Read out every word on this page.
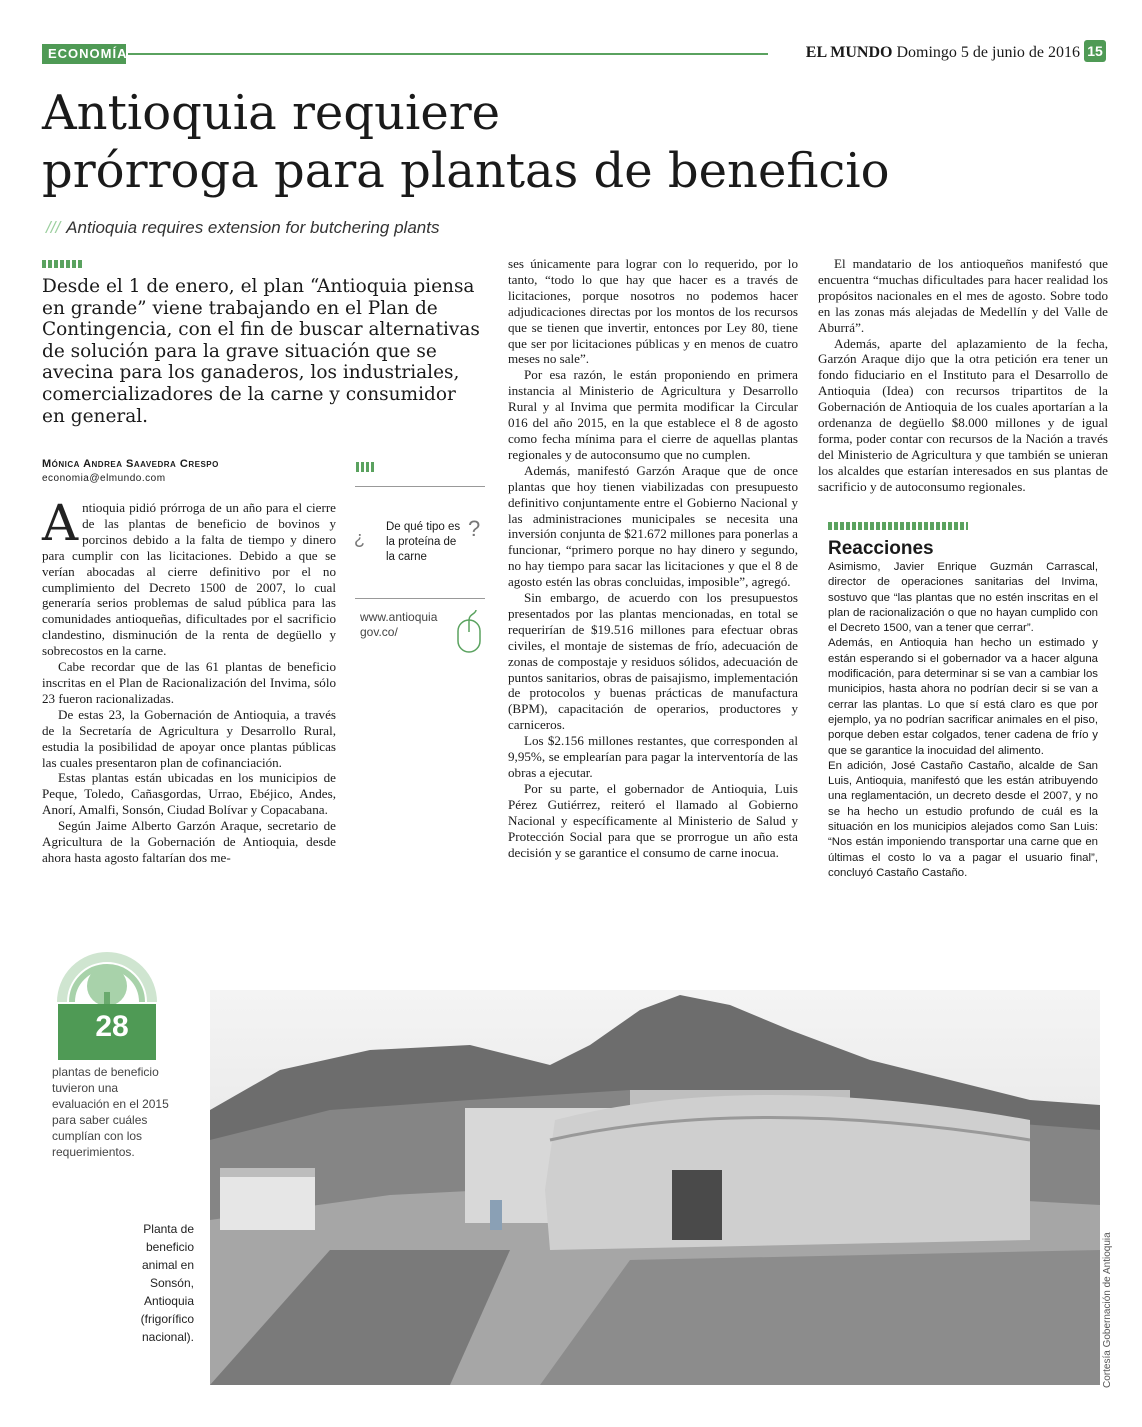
ECONOMÍA	EL MUNDO Domingo 5 de junio de 2016 15
Antioquia requiere
prórroga para plantas de beneficio
/// Antioquia requires extension for butchering plants

Desde el 1 de enero, el plan “Antioquia piensa en grande” viene trabajando en el Plan de Contingencia, con el fin de buscar alternativas de solución para la grave situación que se avecina para los ganaderos, los industriales, comercializadores de la carne y consumidor en general.

Mónica Andrea Saavedra Crespo
economia@elmundo.com

Antioquia pidió prórroga de un año para el cierre de las plantas de beneficio de bovinos y porcinos debido a la falta de tiempo y dinero para cumplir con las licitaciones. Debido a que se verían abocadas al cierre definitivo por el no cumplimiento del Decreto 1500 de 2007, lo cual generaría serios problemas de salud pública para las comunidades antioqueñas, dificultades por el sacrificio clandestino, disminución de la renta de degüello y sobrecostos en la carne.

Cabe recordar que de las 61 plantas de beneficio inscritas en el Plan de Racionalización del Invima, sólo 23 fueron racionalizadas.

De estas 23, la Gobernación de Antioquia, a través de la Secretaría de Agricultura y Desarrollo Rural, estudia la posibilidad de apoyar once plantas públicas las cuales presentaron plan de cofinanciación.

Estas plantas están ubicadas en los municipios de Peque, Toledo, Cañasgordas, Urrao, Ebéjico, Andes, Anorí, Amalfi, Sonsón, Ciudad Bolívar y Copacabana.

Según Jaime Alberto Garzón Araque, secretario de Agricultura de la Gobernación de Antioquia, desde ahora hasta agosto faltarían dos me-

¿
De qué tipo es la proteína de la carne
?
www.antioquia gov.co/

ses únicamente para lograr con lo requerido, por lo tanto, “todo lo que hay que hacer es a través de licitaciones, porque nosotros no podemos hacer adjudicaciones directas por los montos de los recursos que se tienen que invertir, entonces por Ley 80, tiene que ser por licitaciones públicas y en menos de cuatro meses no sale”.

Por esa razón, le están proponiendo en primera instancia al Ministerio de Agricultura y Desarrollo Rural y al Invima que permita modificar la Circular 016 del año 2015, en la que establece el 8 de agosto como fecha mínima para el cierre de aquellas plantas regionales y de autoconsumo que no cumplen.

Además, manifestó Garzón Araque que de once plantas que hoy tienen viabilizadas con presupuesto definitivo conjuntamente entre el Gobierno Nacional y las administraciones municipales se necesita una inversión conjunta de $21.672 millones para ponerlas a funcionar, “primero porque no hay dinero y segundo, no hay tiempo para sacar las licitaciones y que el 8 de agosto estén las obras concluidas, imposible”, agregó.

Sin embargo, de acuerdo con los presupuestos presentados por las plantas mencionadas, en total se requerirían de $19.516 millones para efectuar obras civiles, el montaje de sistemas de frío, adecuación de zonas de compostaje y residuos sólidos, adecuación de puntos sanitarios, obras de paisajismo, implementación de protocolos y buenas prácticas de manufactura (BPM), capacitación de operarios, productores y carniceros.

Los $2.156 millones restantes, que corresponden al 9,95%, se emplearían para pagar la interventoría de las obras a ejecutar.

Por su parte, el gobernador de Antioquia, Luis Pérez Gutiérrez, reiteró el llamado al Gobierno Nacional y específicamente al Ministerio de Salud y Protección Social para que se prorrogue un año esta decisión y se garantice el consumo de carne inocua.

El mandatario de los antioqueños manifestó que encuentra “muchas dificultades para hacer realidad los propósitos nacionales en el mes de agosto. Sobre todo en las zonas más alejadas de Medellín y del Valle de Aburrá”.

Además, aparte del aplazamiento de la fecha, Garzón Araque dijo que la otra petición era tener un fondo fiduciario en el Instituto para el Desarrollo de Antioquia (Idea) con recursos tripartitos de la Gobernación de Antioquia de los cuales aportarían a la ordenanza de degüello $8.000 millones y de igual forma, poder contar con recursos de la Nación a través del Ministerio de Agricultura y que también se unieran los alcaldes que estarían interesados en sus plantas de sacrificio y de autoconsumo regionales.

Reacciones

Asimismo, Javier Enrique Guzmán Carrascal, director de operaciones sanitarias del Invima, sostuvo que “las plantas que no estén inscritas en el plan de racionalización o que no hayan cumplido con el Decreto 1500, van a tener que cerrar”.

Además, en Antioquia han hecho un estimado y están esperando si el gobernador va a hacer alguna modificación, para determinar si se van a cambiar los municipios, hasta ahora no podrían decir si se van a cerrar las plantas. Lo que sí está claro es que por ejemplo, ya no podrían sacrificar animales en el piso, porque deben estar colgados, tener cadena de frío y que se garantice la inocuidad del alimento.

En adición, José Castaño Castaño, alcalde de San Luis, Antioquia, manifestó que les están atribuyendo una reglamentación, un decreto desde el 2007, y no se ha hecho un estudio profundo de cuál es la situación en los municipios alejados como San Luis: “Nos están imponiendo transportar una carne que en últimas el costo lo va a pagar el usuario final”, concluyó Castaño Castaño.

28
plantas de beneficio tuvieron una evaluación en el 2015 para saber cuáles cumplían con los requerimientos.
Planta de beneficio animal en Sonsón, Antioquia (frigorífico nacional).	Cortesía Gobernación de Antioquia
